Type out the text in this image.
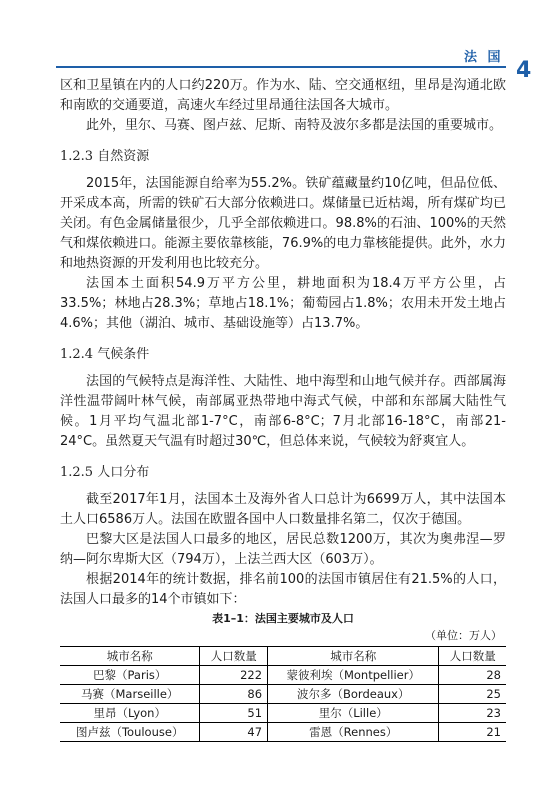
法 国
4

区和卫星镇在内的人口约220万。作为水、陆、空交通枢纽，里昂是沟通北欧和南欧的交通要道，高速火车经过里昂通往法国各大城市。

此外，里尔、马赛、图卢兹、尼斯、南特及波尔多都是法国的重要城市。

1.2.3 自然资源

2015年，法国能源自给率为55.2%。铁矿蕴藏量约10亿吨，但品位低、开采成本高，所需的铁矿石大部分依赖进口。煤储量已近枯竭，所有煤矿均已关闭。有色金属储量很少，几乎全部依赖进口。98.8%的石油、100%的天然气和煤依赖进口。能源主要依靠核能，76.9%的电力靠核能提供。此外，水力和地热资源的开发利用也比较充分。

法国本土面积54.9万平方公里，耕地面积为18.4万平方公里，占33.5%；林地占28.3%；草地占18.1%；葡萄园占1.8%；农用未开发土地占4.6%；其他（湖泊、城市、基础设施等）占13.7%。

1.2.4 气候条件

法国的气候特点是海洋性、大陆性、地中海型和山地气候并存。西部属海洋性温带阔叶林气候，南部属亚热带地中海式气候，中部和东部属大陆性气候。1月平均气温北部1-7°C，南部6-8°C；7月北部16-18°C，南部21-24°C。虽然夏天气温有时超过30℃，但总体来说，气候较为舒爽宜人。

1.2.5 人口分布

截至2017年1月，法国本土及海外省人口总计为6699万人，其中法国本土人口6586万人。法国在欧盟各国中人口数量排名第二，仅次于德国。

巴黎大区是法国人口最多的地区，居民总数1200万，其次为奥弗涅—罗纳—阿尔卑斯大区（794万），上法兰西大区（603万）。

根据2014年的统计数据，排名前100的法国市镇居住有21.5%的人口，法国人口最多的14个市镇如下：

表1–1：法国主要城市及人口
（单位：万人）
城市名称	人口数量	城市名称	人口数量
巴黎（Paris）	222	蒙彼利埃（Montpellier）	28
马赛（Marseille）	86	波尔多（Bordeaux）	25
里昂（Lyon）	51	里尔（Lille）	23
图卢兹（Toulouse）	47	雷恩（Rennes）	21
